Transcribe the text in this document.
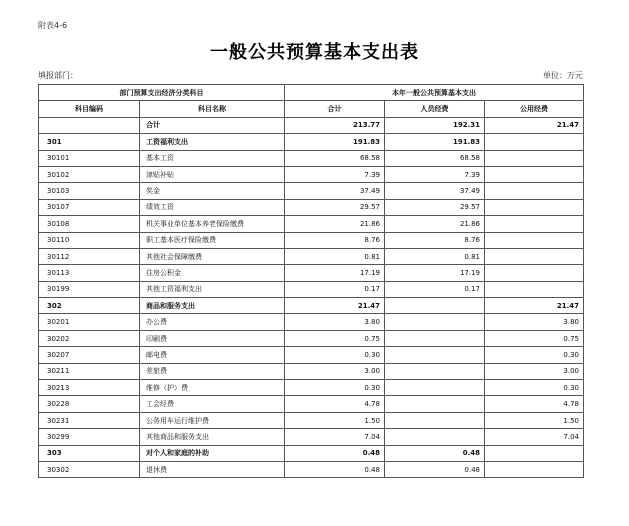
附表4-6
一般公共预算基本支出表
填报部门：	单位：万元
部门预算支出经济分类科目		本年一般公共预算基本支出		
科目编码	科目名称	合计	人员经费	公用经费
	合计	213.77	192.31	21.47
301	工资福利支出	191.83	191.83	
30101	基本工资	68.58	68.58	
30102	津贴补贴	7.39	7.39	
30103	奖金	37.49	37.49	
30107	绩效工资	29.57	29.57	
30108	机关事业单位基本养老保险缴费	21.86	21.86	
30110	职工基本医疗保险缴费	8.76	8.76	
30112	其他社会保障缴费	0.81	0.81	
30113	住房公积金	17.19	17.19	
30199	其他工资福利支出	0.17	0.17	
302	商品和服务支出	21.47		21.47
30201	办公费	3.80		3.80
30202	印刷费	0.75		0.75
30207	邮电费	0.30		0.30
30211	差旅费	3.00		3.00
30213	维修（护）费	0.30		0.30
30228	工会经费	4.78		4.78
30231	公务用车运行维护费	1.50		1.50
30299	其他商品和服务支出	7.04		7.04
303	对个人和家庭的补助	0.48	0.48	
30302	退休费	0.48	0.48	
